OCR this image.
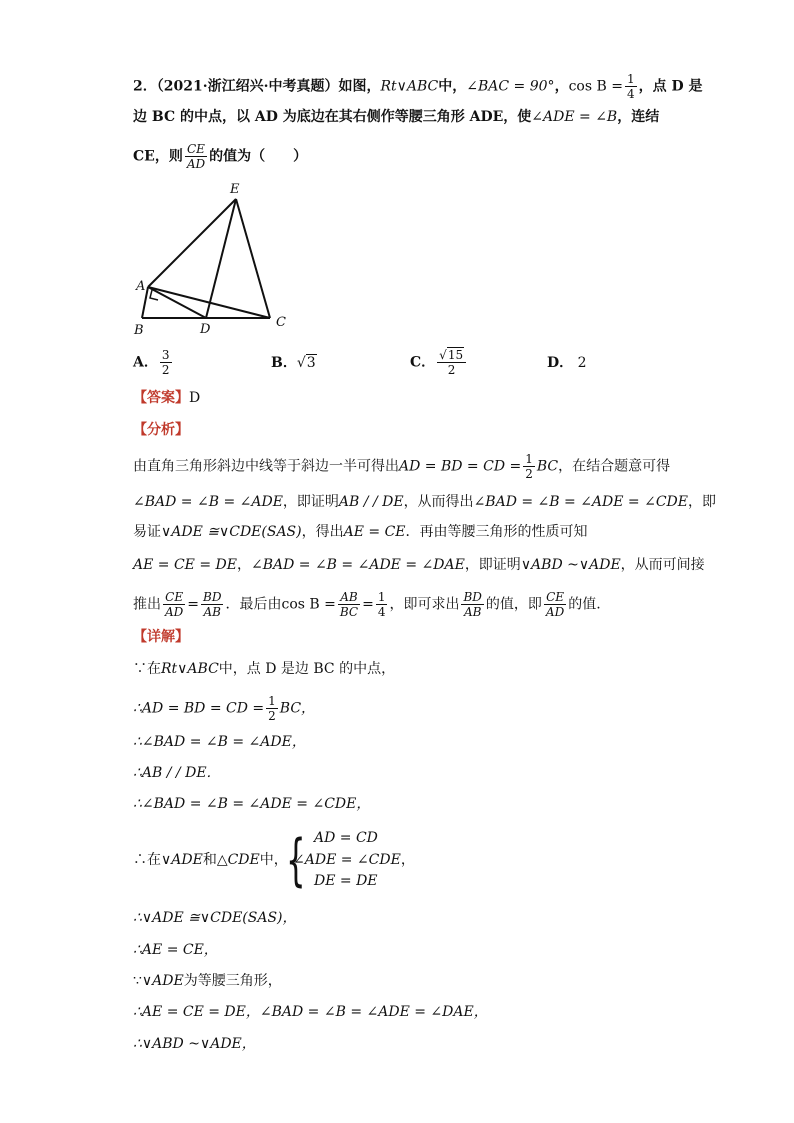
2．（2021·浙江绍兴·中考真题）如图，Rt∨ABC中，∠BAC = 90°，$\cos B = \frac{1}{4}$ ，点 D 是
边 BC 的中点，以 AD 为底边在其右侧作等腰三角形 ADE，使∠ADE = ∠B，连结
CE，则 $\frac{CE}{AD}$ 的值为（　　）
A
B
C
D
E
A． $\frac{3}{2}$	B．√3	C． $\frac{√15}{2}$	D． 2
【答案】D
【分析】
由直角三角形斜边中线等于斜边一半可得出AD = BD = CD = $\frac{1}{2}$ BC，在结合题意可得
∠BAD = ∠B = ∠ADE，即证明AB / / DE，从而得出∠BAD = ∠B = ∠ADE = ∠CDE，即
易证∨ADE ≅∨CDE(SAS)，得出AE = CE．再由等腰三角形的性质可知
AE = CE = DE，∠BAD = ∠B = ∠ADE = ∠DAE，即证明∨ABD ~∨ADE，从而可间接
推出 $\frac{CE}{AD} = \frac{BD}{AB}$ ．最后由$\cos B = \frac{AB}{BC} = \frac{1}{4}$ ，即可求出 $\frac{BD}{AB}$ 的值，即 $\frac{CE}{AD}$ 的值.
【详解】
∵在Rt∨ABC中，点 D 是边 BC 的中点，
∴AD = BD = CD = $\frac{1}{2}$ BC，
∴∠BAD = ∠B = ∠ADE，
∴AB / / DE．
∴∠BAD = ∠B = ∠ADE = ∠CDE，
∴在∨ADE和△CDE中，
{ AD = CD
∠ADE = ∠CDE，
DE = DE
∴∨ADE ≅∨CDE(SAS)，
∴AE = CE，
∵∨ADE为等腰三角形，
∴AE = CE = DE，∠BAD = ∠B = ∠ADE = ∠DAE，
∴∨ABD ~∨ADE，
